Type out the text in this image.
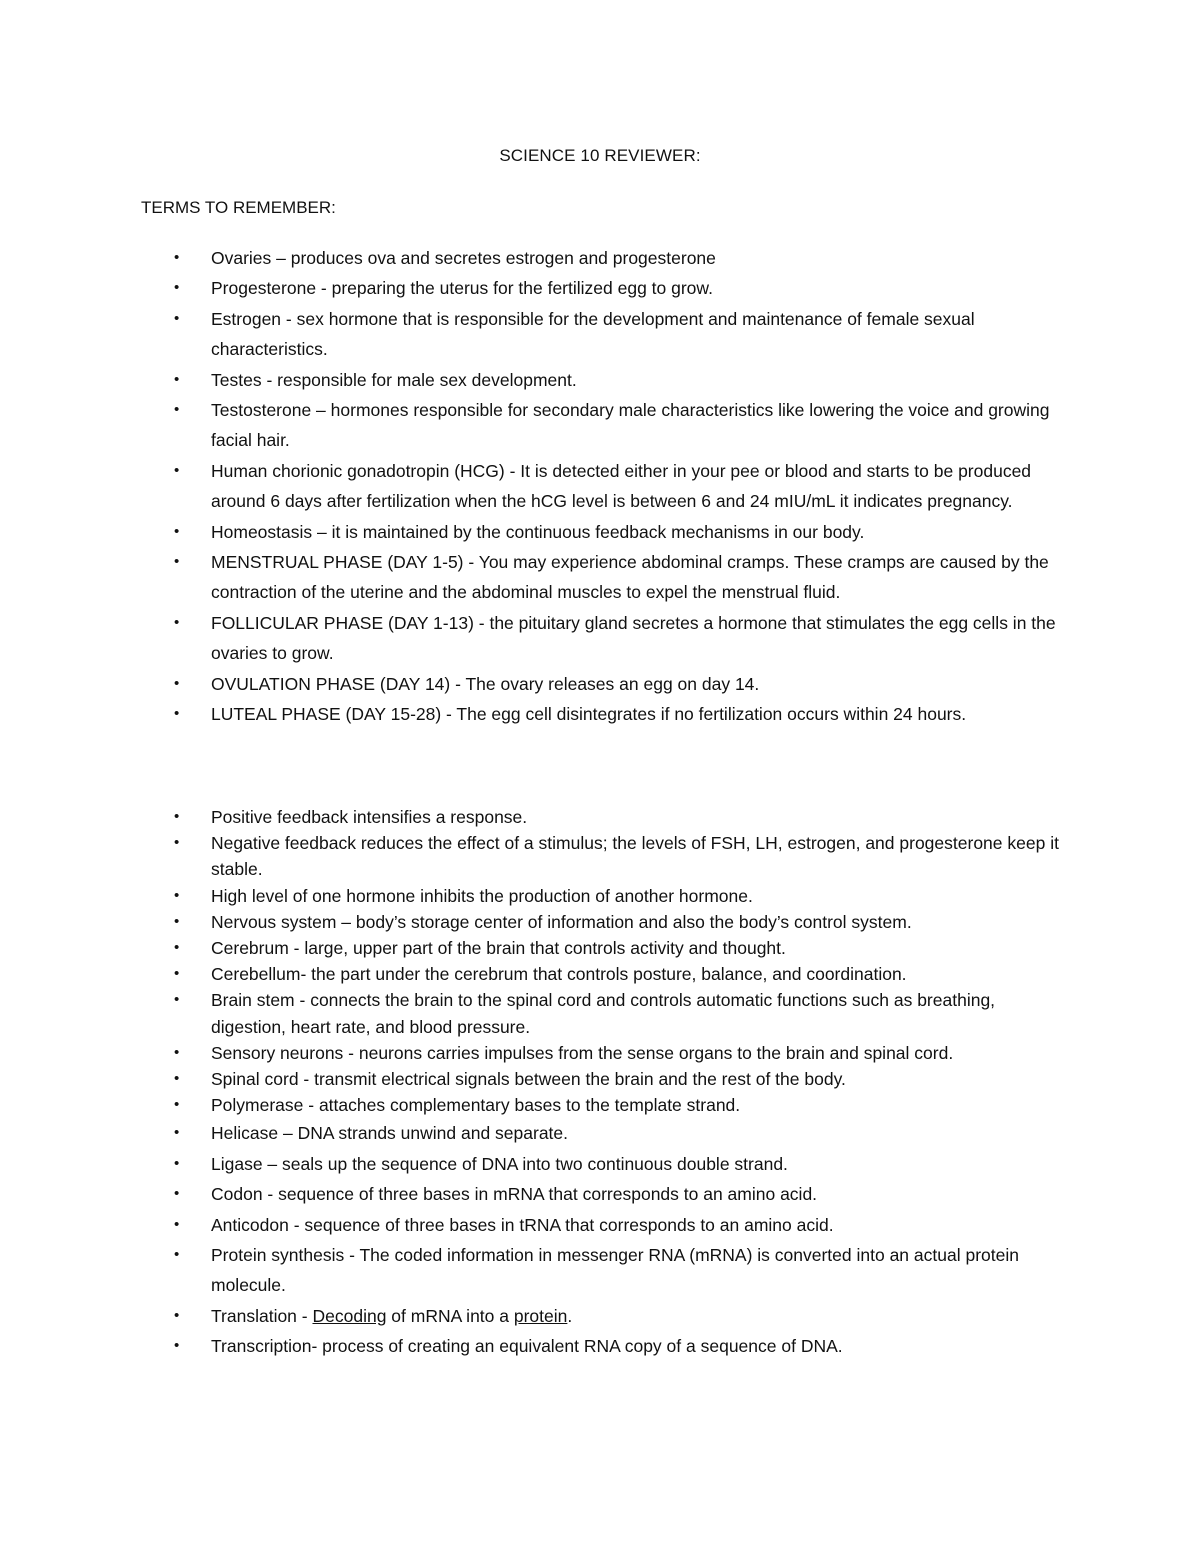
SCIENCE 10 REVIEWER:
TERMS TO REMEMBER:
• Ovaries – produces ova and secretes estrogen and progesterone
• Progesterone - preparing the uterus for the fertilized egg to grow.
• Estrogen - sex hormone that is responsible for the development and maintenance of female sexual characteristics.
• Testes - responsible for male sex development.
• Testosterone – hormones responsible for secondary male characteristics like lowering the voice and growing facial hair.
• Human chorionic gonadotropin (HCG) - It is detected either in your pee or blood and starts to be produced around 6 days after fertilization when the hCG level is between 6 and 24 mIU/mL it indicates pregnancy.
• Homeostasis – it is maintained by the continuous feedback mechanisms in our body.
• MENSTRUAL PHASE (DAY 1-5) - You may experience abdominal cramps. These cramps are caused by the contraction of the uterine and the abdominal muscles to expel the menstrual fluid.
• FOLLICULAR PHASE (DAY 1-13) - the pituitary gland secretes a hormone that stimulates the egg cells in the ovaries to grow.
• OVULATION PHASE (DAY 14) - The ovary releases an egg on day 14.
• LUTEAL PHASE (DAY 15-28) - The egg cell disintegrates if no fertilization occurs within 24 hours.
• Positive feedback intensifies a response.
• Negative feedback reduces the effect of a stimulus; the levels of FSH, LH, estrogen, and progesterone keep it stable.
• High level of one hormone inhibits the production of another hormone.
• Nervous system – body’s storage center of information and also the body’s control system.
• Cerebrum - large, upper part of the brain that controls activity and thought.
• Cerebellum- the part under the cerebrum that controls posture, balance, and coordination.
• Brain stem - connects the brain to the spinal cord and controls automatic functions such as breathing, digestion, heart rate, and blood pressure.
• Sensory neurons - neurons carries impulses from the sense organs to the brain and spinal cord.
• Spinal cord - transmit electrical signals between the brain and the rest of the body.
• Polymerase - attaches complementary bases to the template strand.
• Helicase – DNA strands unwind and separate.
• Ligase – seals up the sequence of DNA into two continuous double strand.
• Codon - sequence of three bases in mRNA that corresponds to an amino acid.
• Anticodon - sequence of three bases in tRNA that corresponds to an amino acid.
• Protein synthesis - The coded information in messenger RNA (mRNA) is converted into an actual protein molecule.
• Translation - Decoding of mRNA into a protein.
• Transcription- process of creating an equivalent RNA copy of a sequence of DNA.
